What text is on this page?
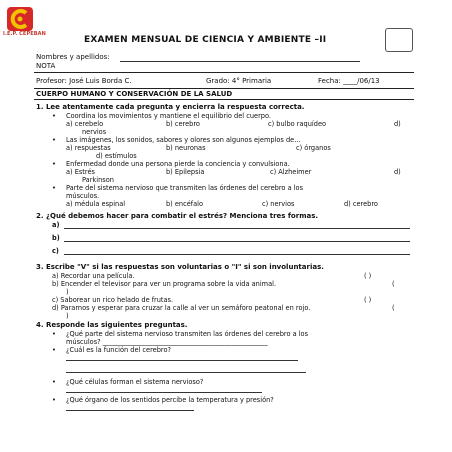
I.E.P. CEPEBAN
EXAMEN MENSUAL DE CIENCIA Y AMBIENTE –II
Nombres y apellidos:
NOTA
Profesor: José Luis Borda C.	Grado: 4° Primaria	Fecha: ____/06/13
CUERPO HUMANO Y CONSERVACIÓN DE LA SALUD
1. Lee atentamente cada pregunta y encierra la respuesta correcta.
• Coordina los movimientos y mantiene el equilibrio del cuerpo.
a) cerebelo	b) cerebro	c) bulbo raquídeo	d)
nervios
• Las imágenes, los sonidos, sabores y olores son algunos ejemplos de…
a) respuestas	b) neuronas	c) órganos
d) estímulos
• Enfermedad donde una persona pierde la conciencia y convulsiona.
a) Estrés	b) Epilepsia	c) Alzheimer	d)
Parkinson
• Parte del sistema nervioso que transmiten las órdenes del cerebro a los
músculos.
a) médula espinal	b) encéfalo	c) nervios	d) cerebro
2. ¿Qué debemos hacer para combatir el estrés? Menciona tres formas.
a)
b)
c)
3. Escribe "V" si las respuestas son voluntarias o "I" si son involuntarias.
a) Recordar una película.	( )
b) Encender el televisor para ver un programa sobre la vida animal.	(
)
c) Saborear un rico helado de frutas.	( )
d) Pararnos y esperar para cruzar la calle al ver un semáforo peatonal en rojo.	(
)
4. Responde las siguientes preguntas.
• ¿Qué parte del sistema nervioso transmiten las órdenes del cerebro a los
músculos? __________________________________________________
• ¿Cuál es la función del cerebro?
• ¿Qué células forman el sistema nervioso?
• ¿Qué órgano de los sentidos percibe la temperatura y presión?
